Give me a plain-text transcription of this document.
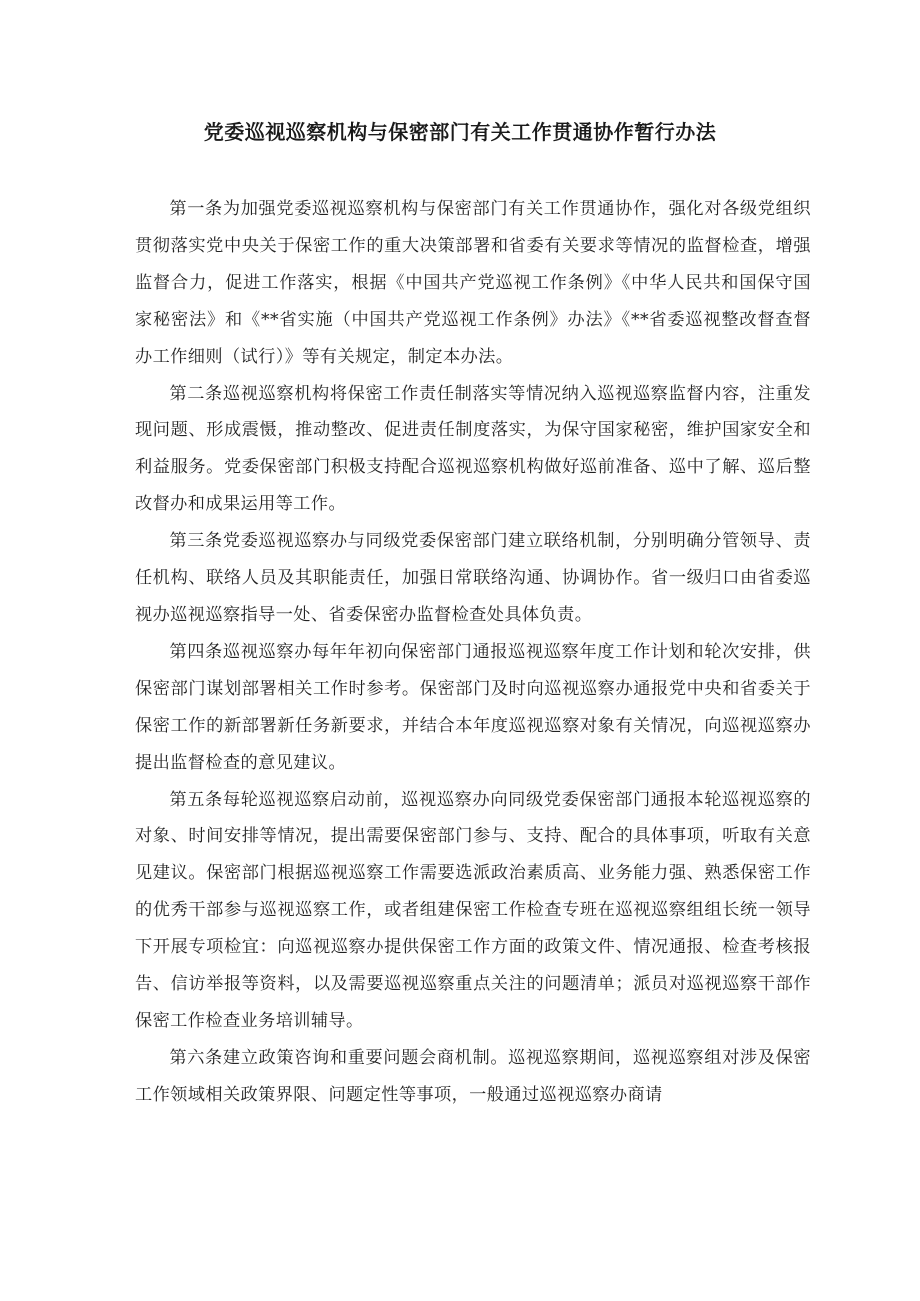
党委巡视巡察机构与保密部门有关工作贯通协作暂行办法

第一条为加强党委巡视巡察机构与保密部门有关工作贯通协作，强化对各级党组织贯彻落实党中央关于保密工作的重大决策部署和省委有关要求等情况的监督检查，增强监督合力，促进工作落实，根据《中国共产党巡视工作条例》《中华人民共和国保守国家秘密法》和《**省实施（中国共产党巡视工作条例》办法》《**省委巡视整改督查督办工作细则（试行）》等有关规定，制定本办法。

第二条巡视巡察机构将保密工作责任制落实等情况纳入巡视巡察监督内容，注重发现问题、形成震慑，推动整改、促进责任制度落实，为保守国家秘密，维护国家安全和利益服务。党委保密部门积极支持配合巡视巡察机构做好巡前准备、巡中了解、巡后整改督办和成果运用等工作。

第三条党委巡视巡察办与同级党委保密部门建立联络机制，分别明确分管领导、责任机构、联络人员及其职能责任，加强日常联络沟通、协调协作。省一级归口由省委巡视办巡视巡察指导一处、省委保密办监督检查处具体负责。

第四条巡视巡察办每年年初向保密部门通报巡视巡察年度工作计划和轮次安排，供保密部门谋划部署相关工作时参考。保密部门及时向巡视巡察办通报党中央和省委关于保密工作的新部署新任务新要求，并结合本年度巡视巡察对象有关情况，向巡视巡察办提出监督检查的意见建议。

第五条每轮巡视巡察启动前，巡视巡察办向同级党委保密部门通报本轮巡视巡察的对象、时间安排等情况，提出需要保密部门参与、支持、配合的具体事项，听取有关意见建议。保密部门根据巡视巡察工作需要选派政治素质高、业务能力强、熟悉保密工作的优秀干部参与巡视巡察工作，或者组建保密工作检查专班在巡视巡察组组长统一领导下开展专项检宜：向巡视巡察办提供保密工作方面的政策文件、情况通报、检查考核报告、信访举报等资料，以及需要巡视巡察重点关注的问题清单；派员对巡视巡察干部作保密工作检查业务培训辅导。

第六条建立政策咨询和重要问题会商机制。巡视巡察期间，巡视巡察组对涉及保密工作领域相关政策界限、问题定性等事项，一般通过巡视巡察办商请
